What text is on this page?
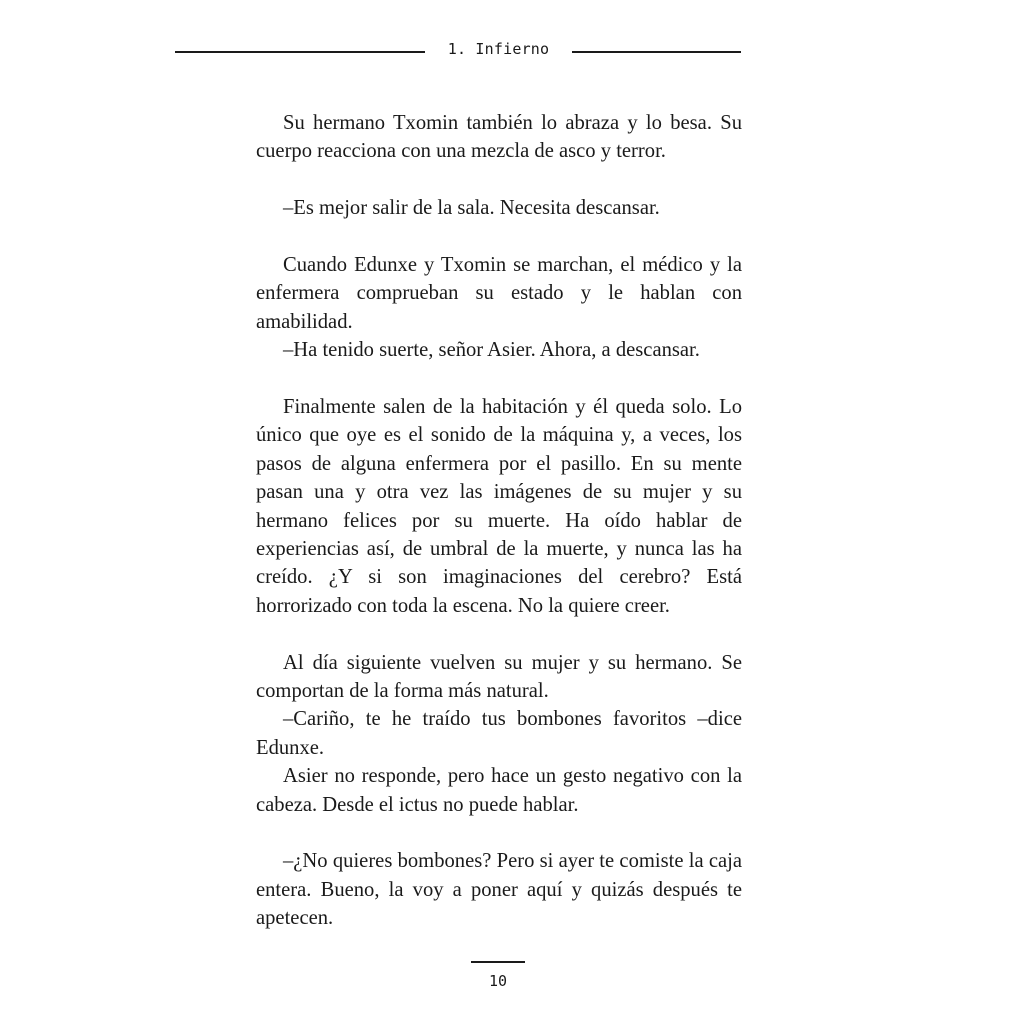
1. Infierno

Su hermano Txomin también lo abraza y lo besa. Su cuerpo reacciona con una mezcla de asco y terror.

–Es mejor salir de la sala. Necesita descansar.

Cuando Edunxe y Txomin se marchan, el médico y la enfermera comprueban su estado y le hablan con amabilidad.

–Ha tenido suerte, señor Asier. Ahora, a descansar.

Finalmente salen de la habitación y él queda solo. Lo único que oye es el sonido de la máquina y, a veces, los pasos de alguna enfermera por el pasillo. En su mente pasan una y otra vez las imágenes de su mujer y su hermano felices por su muerte. Ha oído hablar de experiencias así, de umbral de la muerte, y nunca las ha creído. ¿Y si son imaginaciones del cerebro? Está horrorizado con toda la escena. No la quiere creer.

Al día siguiente vuelven su mujer y su hermano. Se comportan de la forma más natural.

–Cariño, te he traído tus bombones favoritos –dice Edunxe.

Asier no responde, pero hace un gesto negativo con la cabeza. Desde el ictus no puede hablar.

–¿No quieres bombones? Pero si ayer te comiste la caja entera. Bueno, la voy a poner aquí y quizás después te apetecen.

10
